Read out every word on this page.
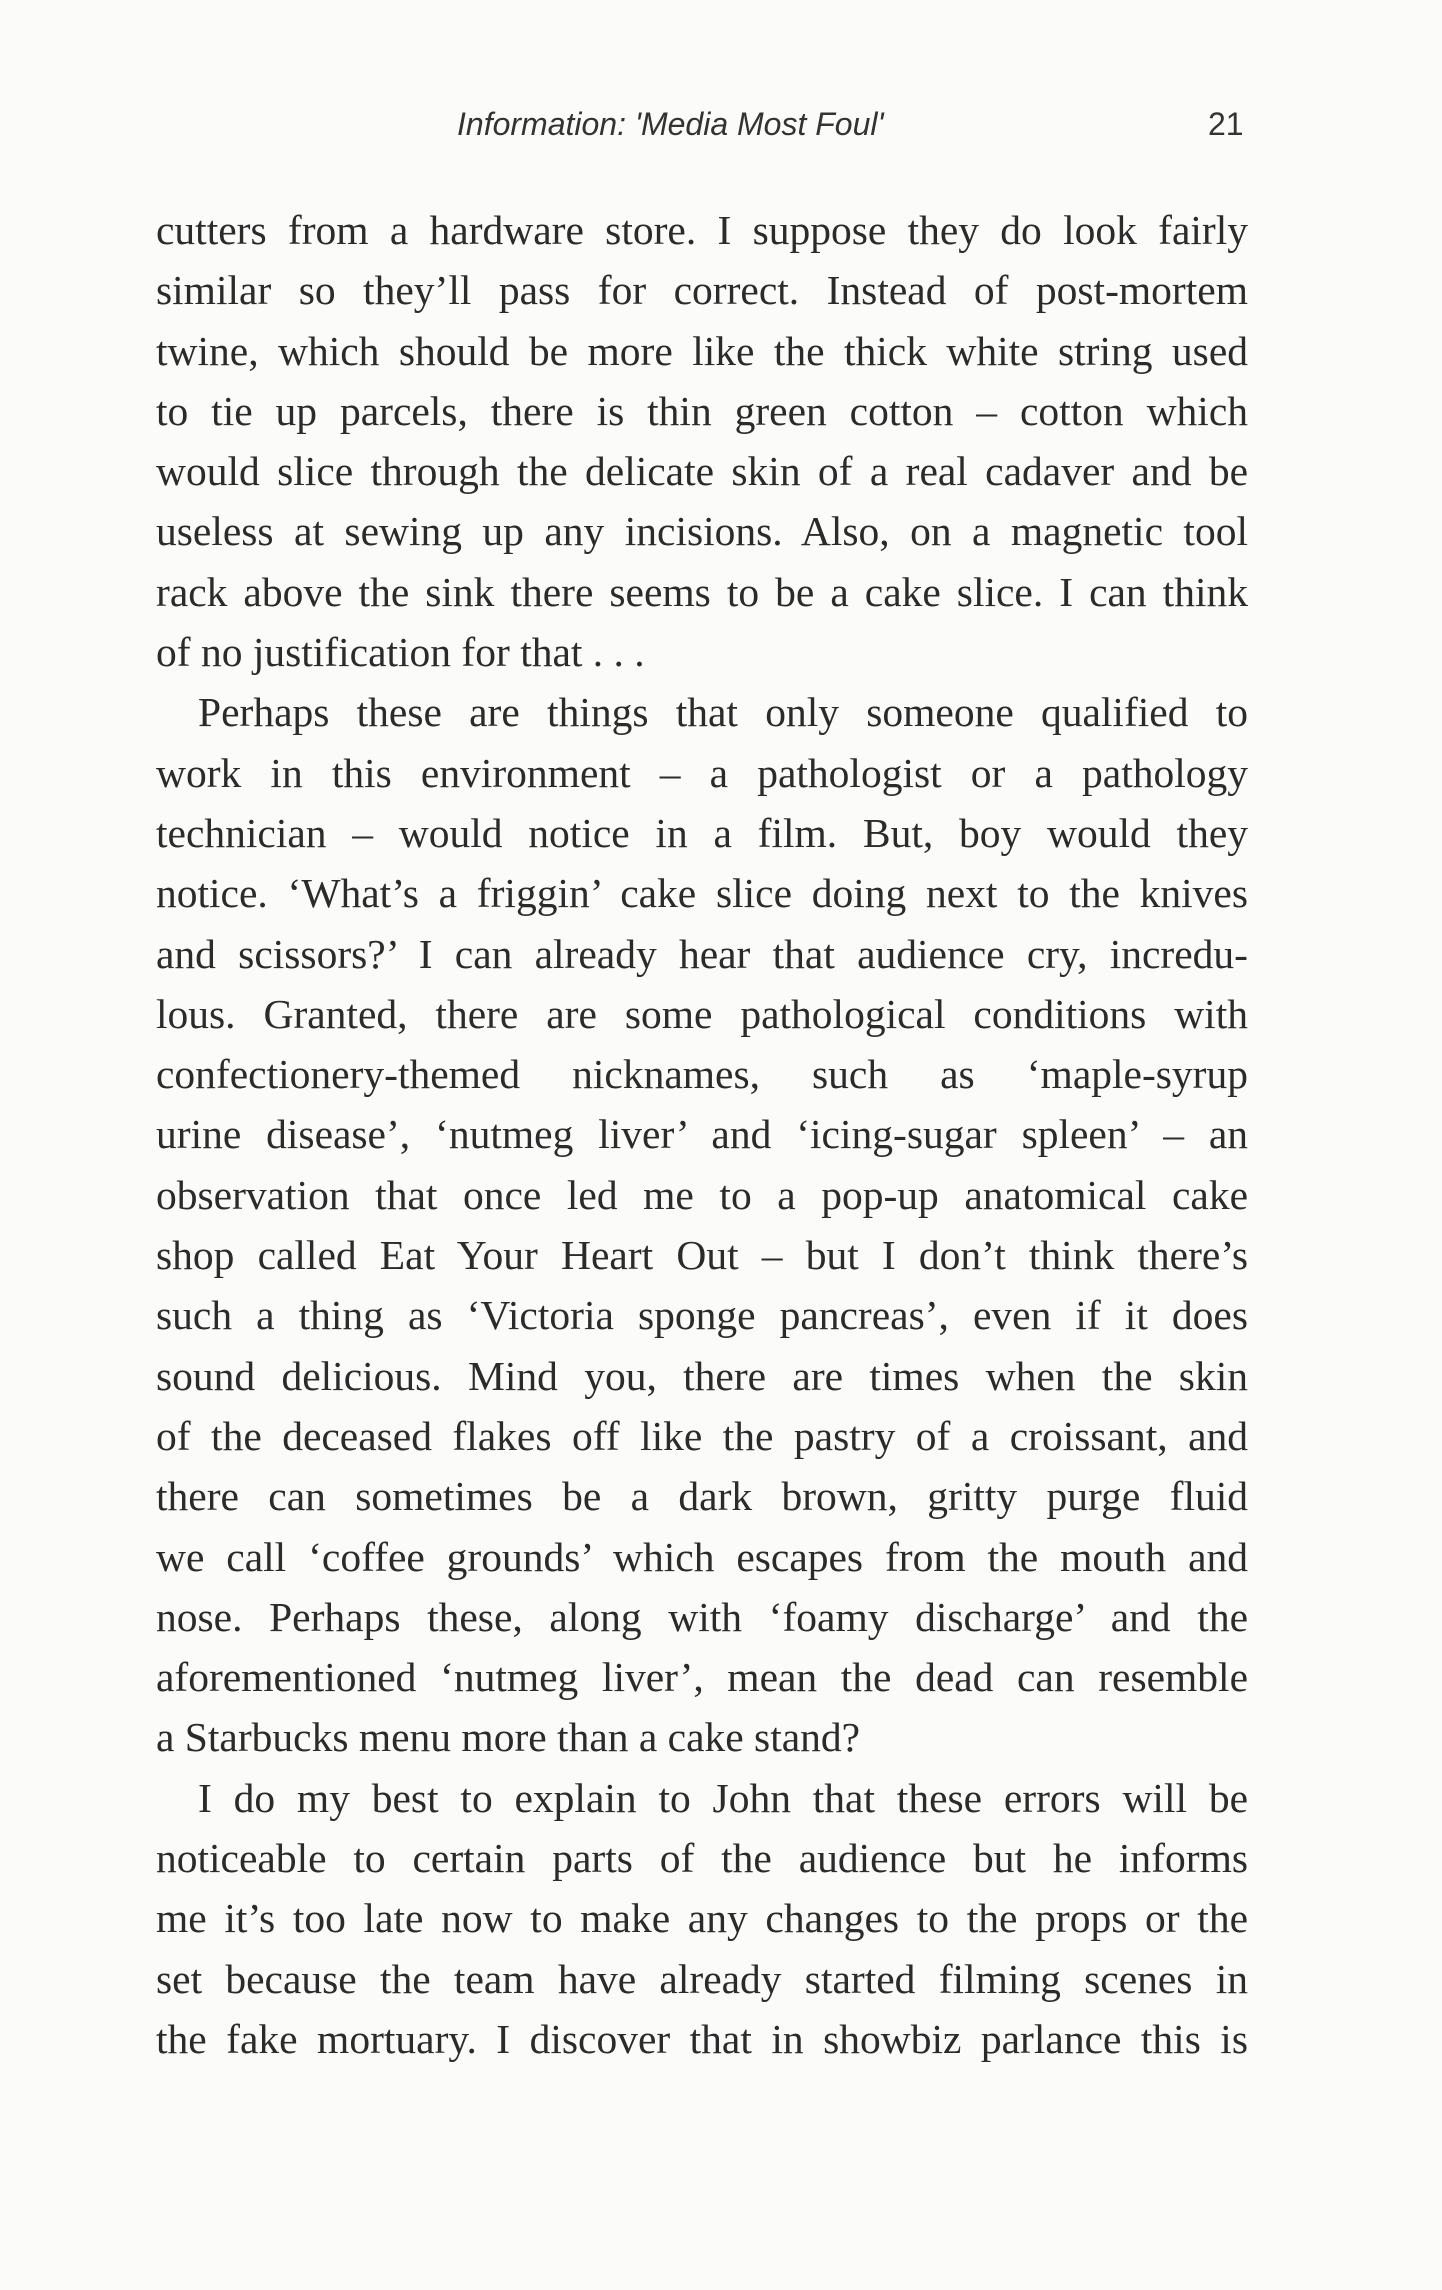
Information: 'Media Most Foul'	21
cutters from a hardware store. I suppose they do look fairly
similar so they’ll pass for correct. Instead of post-mortem
twine, which should be more like the thick white string used
to tie up parcels, there is thin green cotton – cotton which
would slice through the delicate skin of a real cadaver and be
useless at sewing up any incisions. Also, on a magnetic tool
rack above the sink there seems to be a cake slice. I can think
of no justification for that . . .
Perhaps these are things that only someone qualified to
work in this environment – a pathologist or a pathology
technician – would notice in a film. But, boy would they
notice. ‘What’s a friggin’ cake slice doing next to the knives
and scissors?’ I can already hear that audience cry, incredu-
lous. Granted, there are some pathological conditions with
confectionery-themed nicknames, such as ‘maple-syrup
urine disease’, ‘nutmeg liver’ and ‘icing-sugar spleen’ – an
observation that once led me to a pop-up anatomical cake
shop called Eat Your Heart Out – but I don’t think there’s
such a thing as ‘Victoria sponge pancreas’, even if it does
sound delicious. Mind you, there are times when the skin
of the deceased flakes off like the pastry of a croissant, and
there can sometimes be a dark brown, gritty purge fluid
we call ‘coffee grounds’ which escapes from the mouth and
nose. Perhaps these, along with ‘foamy discharge’ and the
aforementioned ‘nutmeg liver’, mean the dead can resemble
a Starbucks menu more than a cake stand?
I do my best to explain to John that these errors will be
noticeable to certain parts of the audience but he informs
me it’s too late now to make any changes to the props or the
set because the team have already started filming scenes in
the fake mortuary. I discover that in showbiz parlance this is
